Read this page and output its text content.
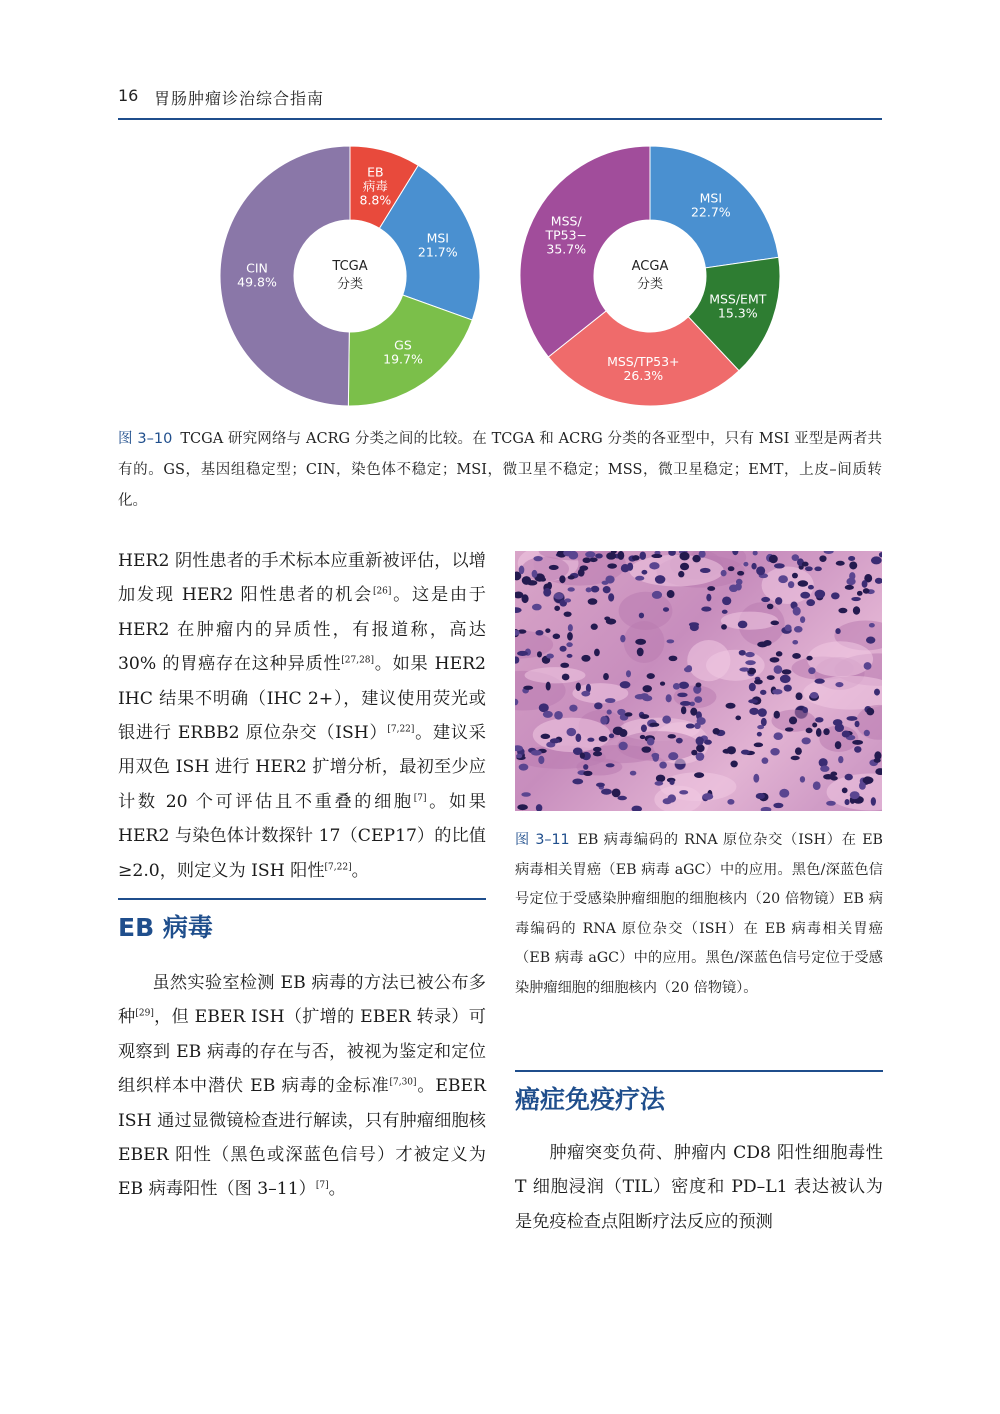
16 胃肠肿瘤诊治综合指南
TCGA
分类
EB 病毒 8.8%
MSI 21.7%
GS 19.7%
CIN 49.8%
ACGA
分类
MSI 22.7%
MSS/EMT 15.3%
MSS/TP53+ 26.3%
MSS/ TP53− 35.7%
图 3–10 TCGA 研究网络与 ACRG 分类之间的比较。在 TCGA 和 ACRG 分类的各亚型中，只有 MSI 亚型是两者共有的。GS，基因组稳定型；CIN，染色体不稳定；MSI，微卫星不稳定；MSS，微卫星稳定；EMT，上皮–间质转化。

HER2 阴性患者的手术标本应重新被评估，以增加发现 HER2 阳性患者的机会[26]。这是由于 HER2 在肿瘤内的异质性，有报道称，高达 30% 的胃癌存在这种异质性[27,28]。如果 HER2 IHC 结果不明确（IHC 2+），建议使用荧光或银进行 ERBB2 原位杂交（ISH）[7,22]。建议采用双色 ISH 进行 HER2 扩增分析，最初至少应计数 20 个可评估且不重叠的细胞[7]。如果 HER2 与染色体计数探针 17（CEP17）的比值≥2.0，则定义为 ISH 阳性[7,22]。

EB 病毒

虽然实验室检测 EB 病毒的方法已被公布多种[29]，但 EBER ISH（扩增的 EBER 转录）可观察到 EB 病毒的存在与否，被视为鉴定和定位组织样本中潜伏 EB 病毒的金标准[7,30]。EBER ISH 通过显微镜检查进行解读，只有肿瘤细胞核 EBER 阳性（黑色或深蓝色信号）才被定义为 EB 病毒阳性（图 3–11）[7]。

图 3–11 EB 病毒编码的 RNA 原位杂交（ISH）在 EB 病毒相关胃癌（EB 病毒 aGC）中的应用。黑色/深蓝色信号定位于受感染肿瘤细胞的细胞核内（20 倍物镜）EB 病毒编码的 RNA 原位杂交（ISH）在 EB 病毒相关胃癌（EB 病毒 aGC）中的应用。黑色/深蓝色信号定位于受感染肿瘤细胞的细胞核内（20 倍物镜）。
癌症免疫疗法

肿瘤突变负荷、肿瘤内 CD8 阳性细胞毒性 T 细胞浸润（TIL）密度和 PD–L1 表达被认为是免疫检查点阻断疗法反应的预测
